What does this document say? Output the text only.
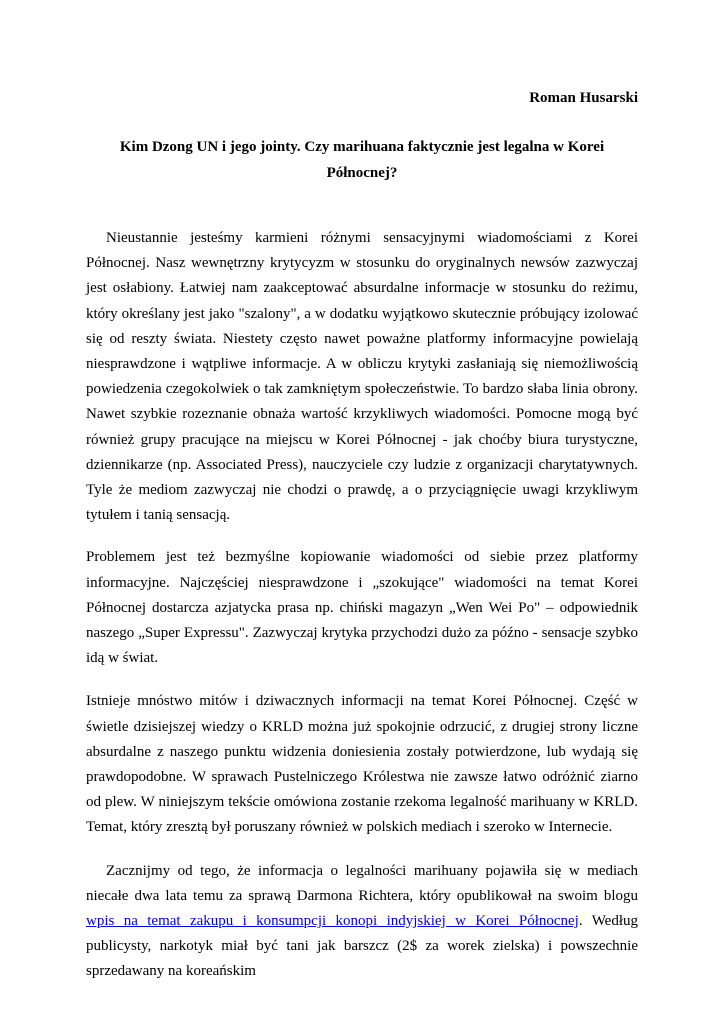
Roman Husarski
Kim Dzong UN i jego jointy. Czy marihuana faktycznie jest legalna w Korei Północnej?

Nieustannie jesteśmy karmieni różnymi sensacyjnymi wiadomościami z Korei Północnej. Nasz wewnętrzny krytycyzm w stosunku do oryginalnych newsów zazwyczaj jest osłabiony. Łatwiej nam zaakceptować absurdalne informacje w stosunku do reżimu, który określany jest jako "szalony", a w dodatku wyjątkowo skutecznie próbujący izolować się od reszty świata. Niestety często nawet poważne platformy informacyjne powielają niesprawdzone i wątpliwe informacje. A w obliczu krytyki zasłaniają się niemożliwością powiedzenia czegokolwiek o tak zamkniętym społeczeństwie. To bardzo słaba linia obrony. Nawet szybkie rozeznanie obnaża wartość krzykliwych wiadomości. Pomocne mogą być również grupy pracujące na miejscu w Korei Północnej - jak choćby biura turystyczne, dziennikarze (np. Associated Press), nauczyciele czy ludzie z organizacji charytatywnych. Tyle że mediom zazwyczaj nie chodzi o prawdę, a o przyciągnięcie uwagi krzykliwym tytułem i tanią sensacją.

Problemem jest też bezmyślne kopiowanie wiadomości od siebie przez platformy informacyjne. Najczęściej niesprawdzone i „szokujące" wiadomości na temat Korei Północnej dostarcza azjatycka prasa np. chiński magazyn „Wen Wei Po" – odpowiednik naszego „Super Expressu". Zazwyczaj krytyka przychodzi dużo za późno - sensacje szybko idą w świat.

Istnieje mnóstwo mitów i dziwacznych informacji na temat Korei Północnej. Część w świetle dzisiejszej wiedzy o KRLD można już spokojnie odrzucić, z drugiej strony liczne absurdalne z naszego punktu widzenia doniesienia zostały potwierdzone, lub wydają się prawdopodobne. W sprawach Pustelniczego Królestwa nie zawsze łatwo odróżnić ziarno od plew. W niniejszym tekście omówiona zostanie rzekoma legalność marihuany w KRLD. Temat, który zresztą był poruszany również w polskich mediach i szeroko w Internecie.

Zacznijmy od tego, że informacja o legalności marihuany pojawiła się w mediach niecałe dwa lata temu za sprawą Darmona Richtera, który opublikował na swoim blogu wpis na temat zakupu i konsumpcji konopi indyjskiej w Korei Północnej. Według publicysty, narkotyk miał być tani jak barszcz (2$ za worek zielska) i powszechnie sprzedawany na koreańskim
